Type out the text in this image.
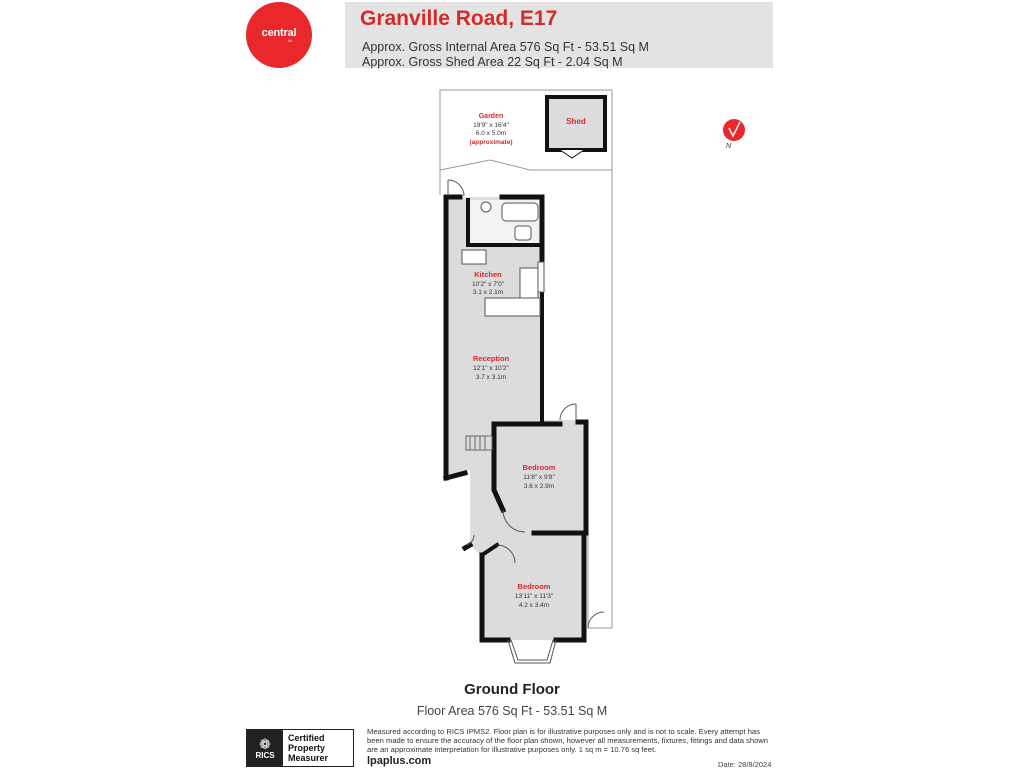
central
ltd
Granville Road, E17
Approx. Gross Internal Area 576 Sq Ft - 53.51 Sq M
Approx. Gross Shed Area 22 Sq Ft - 2.04 Sq M
N
Garden
19'9" x 16'4"
6.0 x 5.0m
(approximate)
Shed
Kitchen
10'2" x 7'0"
3.1 x 2.1m
Reception
12'1" x 10'2"
3.7 x 3.1m
Bedroom
11'8" x 9'8"
3.6 x 2.9m
Bedroom
13'11" x 11'3"
4.2 x 3.4m
Ground Floor
Floor Area 576 Sq Ft - 53.51 Sq M
❁
RICS
Certified
Property
Measurer
Measured according to RICS IPMS2. Floor plan is for illustrative purposes only and is not to scale. Every attempt has been made to ensure the accuracy of the floor plan shown, however all measurements, fixtures, fittings and data shown are an approximate interpretation for illustrative purposes only. 1 sq m = 10.76 sq feet.
lpaplus.com	Date: 28/8/2024
